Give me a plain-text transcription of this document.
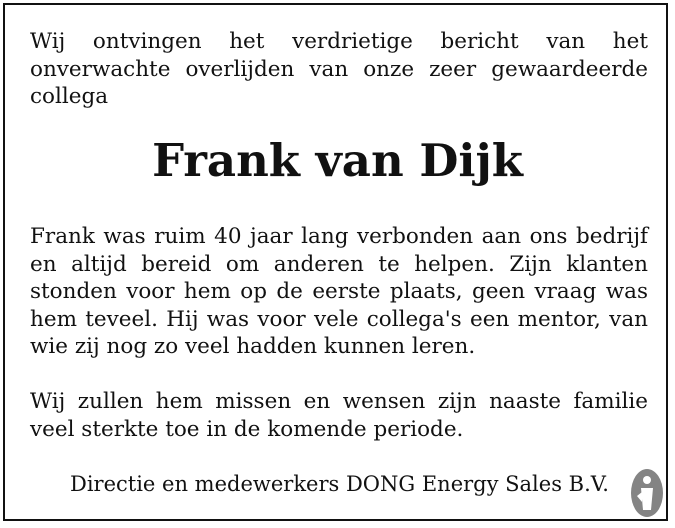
Wij ontvingen het verdrietige bericht van het onverwachte overlijden van onze zeer gewaardeerde collega

Frank van Dijk

Frank was ruim 40 jaar lang verbonden aan ons bedrijf en altijd bereid om anderen te helpen. Zijn klanten stonden voor hem op de eerste plaats, geen vraag was hem teveel. Hij was voor vele collega's een mentor, van wie zij nog zo veel hadden kunnen leren.

Wij zullen hem missen en wensen zijn naaste familie veel sterkte toe in de komende periode.

Directie en medewerkers DONG Energy Sales B.V.
